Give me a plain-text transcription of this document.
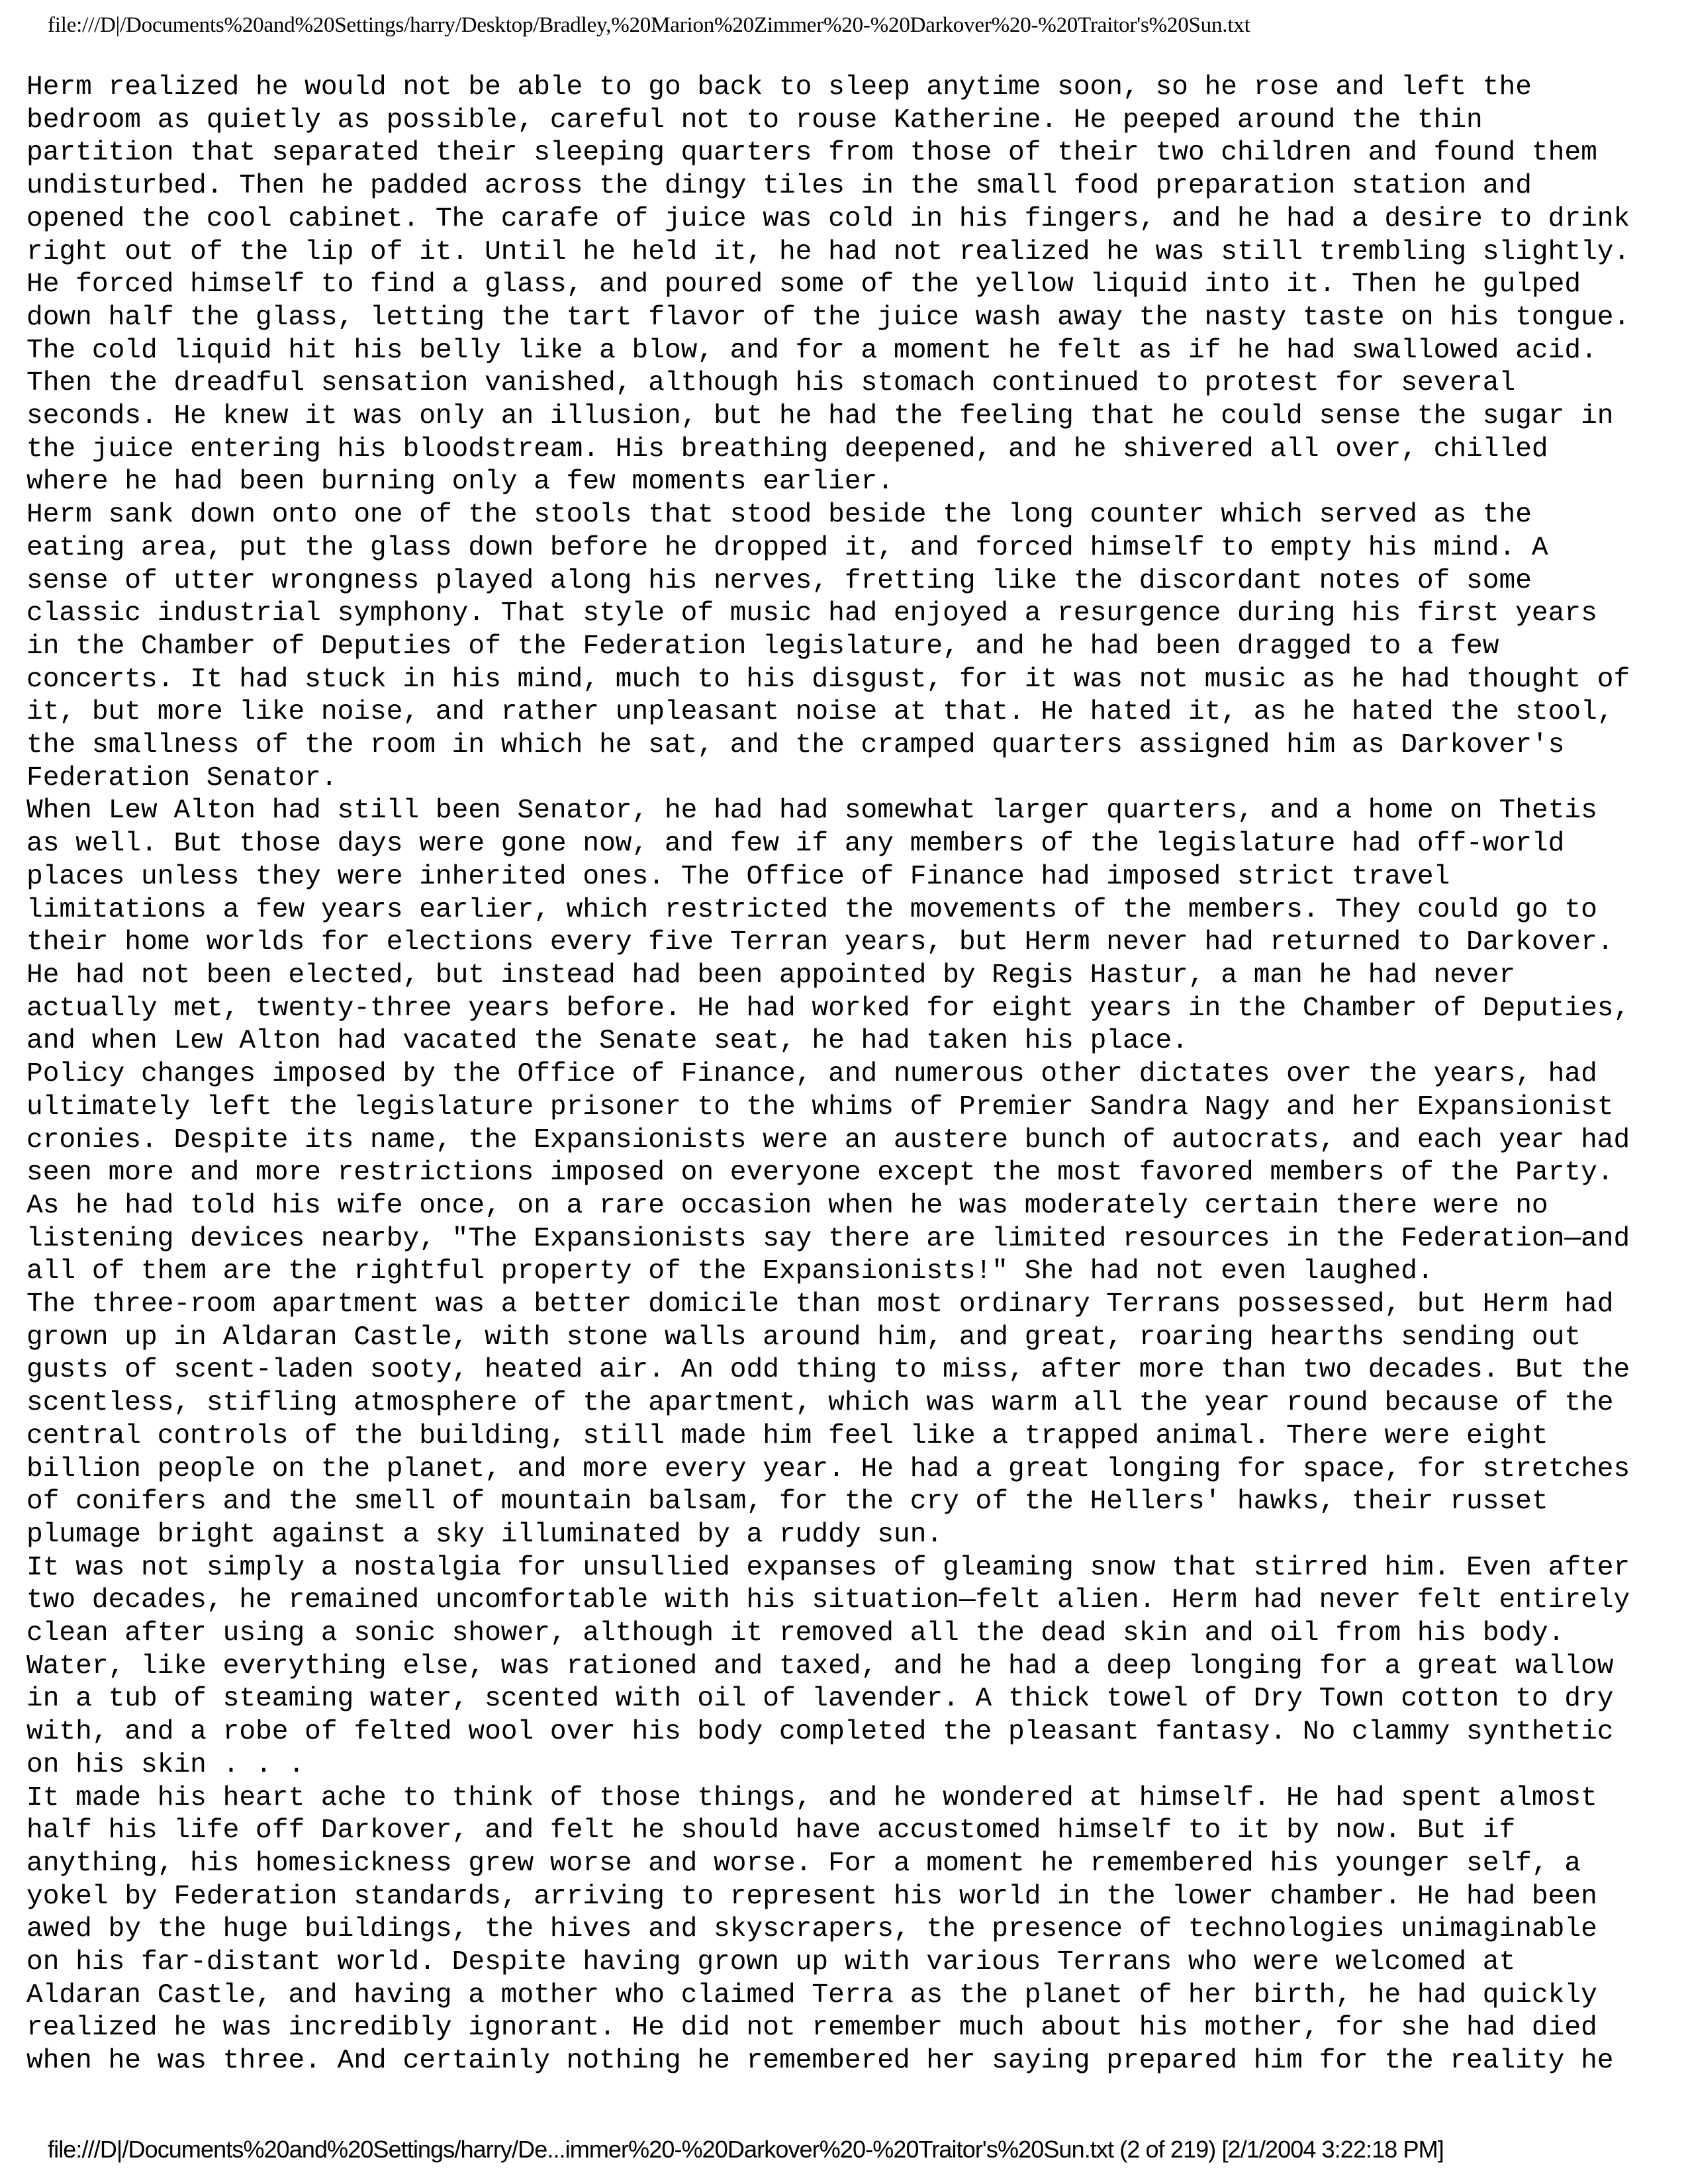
file:///D|/Documents%20and%20Settings/harry/Desktop/Bradley,%20Marion%20Zimmer%20-%20Darkover%20-%20Traitor's%20Sun.txt

Herm realized he would not be able to go back to sleep anytime soon, so he rose and left the
bedroom as quietly as possible, careful not to rouse Katherine. He peeped around the thin
partition that separated their sleeping quarters from those of their two children and found them
undisturbed. Then he padded across the dingy tiles in the small food preparation station and
opened the cool cabinet. The carafe of juice was cold in his fingers, and he had a desire to drink
right out of the lip of it. Until he held it, he had not realized he was still trembling slightly.
He forced himself to find a glass, and poured some of the yellow liquid into it. Then he gulped
down half the glass, letting the tart flavor of the juice wash away the nasty taste on his tongue.
The cold liquid hit his belly like a blow, and for a moment he felt as if he had swallowed acid.
Then the dreadful sensation vanished, although his stomach continued to protest for several
seconds. He knew it was only an illusion, but he had the feeling that he could sense the sugar in
the juice entering his bloodstream. His breathing deepened, and he shivered all over, chilled
where he had been burning only a few moments earlier.

Herm sank down onto one of the stools that stood beside the long counter which served as the
eating area, put the glass down before he dropped it, and forced himself to empty his mind. A
sense of utter wrongness played along his nerves, fretting like the discordant notes of some
classic industrial symphony. That style of music had enjoyed a resurgence during his first years
in the Chamber of Deputies of the Federation legislature, and he had been dragged to a few
concerts. It had stuck in his mind, much to his disgust, for it was not music as he had thought of
it, but more like noise, and rather unpleasant noise at that. He hated it, as he hated the stool,
the smallness of the room in which he sat, and the cramped quarters assigned him as Darkover's
Federation Senator.

When Lew Alton had still been Senator, he had had somewhat larger quarters, and a home on Thetis
as well. But those days were gone now, and few if any members of the legislature had off-world
places unless they were inherited ones. The Office of Finance had imposed strict travel
limitations a few years earlier, which restricted the movements of the members. They could go to
their home worlds for elections every five Terran years, but Herm never had returned to Darkover.
He had not been elected, but instead had been appointed by Regis Hastur, a man he had never
actually met, twenty-three years before. He had worked for eight years in the Chamber of Deputies,
and when Lew Alton had vacated the Senate seat, he had taken his place.

Policy changes imposed by the Office of Finance, and numerous other dictates over the years, had
ultimately left the legislature prisoner to the whims of Premier Sandra Nagy and her Expansionist
cronies. Despite its name, the Expansionists were an austere bunch of autocrats, and each year had
seen more and more restrictions imposed on everyone except the most favored members of the Party.
As he had told his wife once, on a rare occasion when he was moderately certain there were no
listening devices nearby, "The Expansionists say there are limited resources in the Federation—and
all of them are the rightful property of the Expansionists!" She had not even laughed.

The three-room apartment was a better domicile than most ordinary Terrans possessed, but Herm had
grown up in Aldaran Castle, with stone walls around him, and great, roaring hearths sending out
gusts of scent-laden sooty, heated air. An odd thing to miss, after more than two decades. But the
scentless, stifling atmosphere of the apartment, which was warm all the year round because of the
central controls of the building, still made him feel like a trapped animal. There were eight
billion people on the planet, and more every year. He had a great longing for space, for stretches
of conifers and the smell of mountain balsam, for the cry of the Hellers' hawks, their russet
plumage bright against a sky illuminated by a ruddy sun.

It was not simply a nostalgia for unsullied expanses of gleaming snow that stirred him. Even after
two decades, he remained uncomfortable with his situation—felt alien. Herm had never felt entirely
clean after using a sonic shower, although it removed all the dead skin and oil from his body.
Water, like everything else, was rationed and taxed, and he had a deep longing for a great wallow
in a tub of steaming water, scented with oil of lavender. A thick towel of Dry Town cotton to dry
with, and a robe of felted wool over his body completed the pleasant fantasy. No clammy synthetic
on his skin . . .

It made his heart ache to think of those things, and he wondered at himself. He had spent almost
half his life off Darkover, and felt he should have accustomed himself to it by now. But if
anything, his homesickness grew worse and worse. For a moment he remembered his younger self, a
yokel by Federation standards, arriving to represent his world in the lower chamber. He had been
awed by the huge buildings, the hives and skyscrapers, the presence of technologies unimaginable
on his far-distant world. Despite having grown up with various Terrans who were welcomed at
Aldaran Castle, and having a mother who claimed Terra as the planet of her birth, he had quickly
realized he was incredibly ignorant. He did not remember much about his mother, for she had died
when he was three. And certainly nothing he remembered her saying prepared him for the reality he

file:///D|/Documents%20and%20Settings/harry/De...immer%20-%20Darkover%20-%20Traitor's%20Sun.txt (2 of 219) [2/1/2004 3:22:18 PM]
